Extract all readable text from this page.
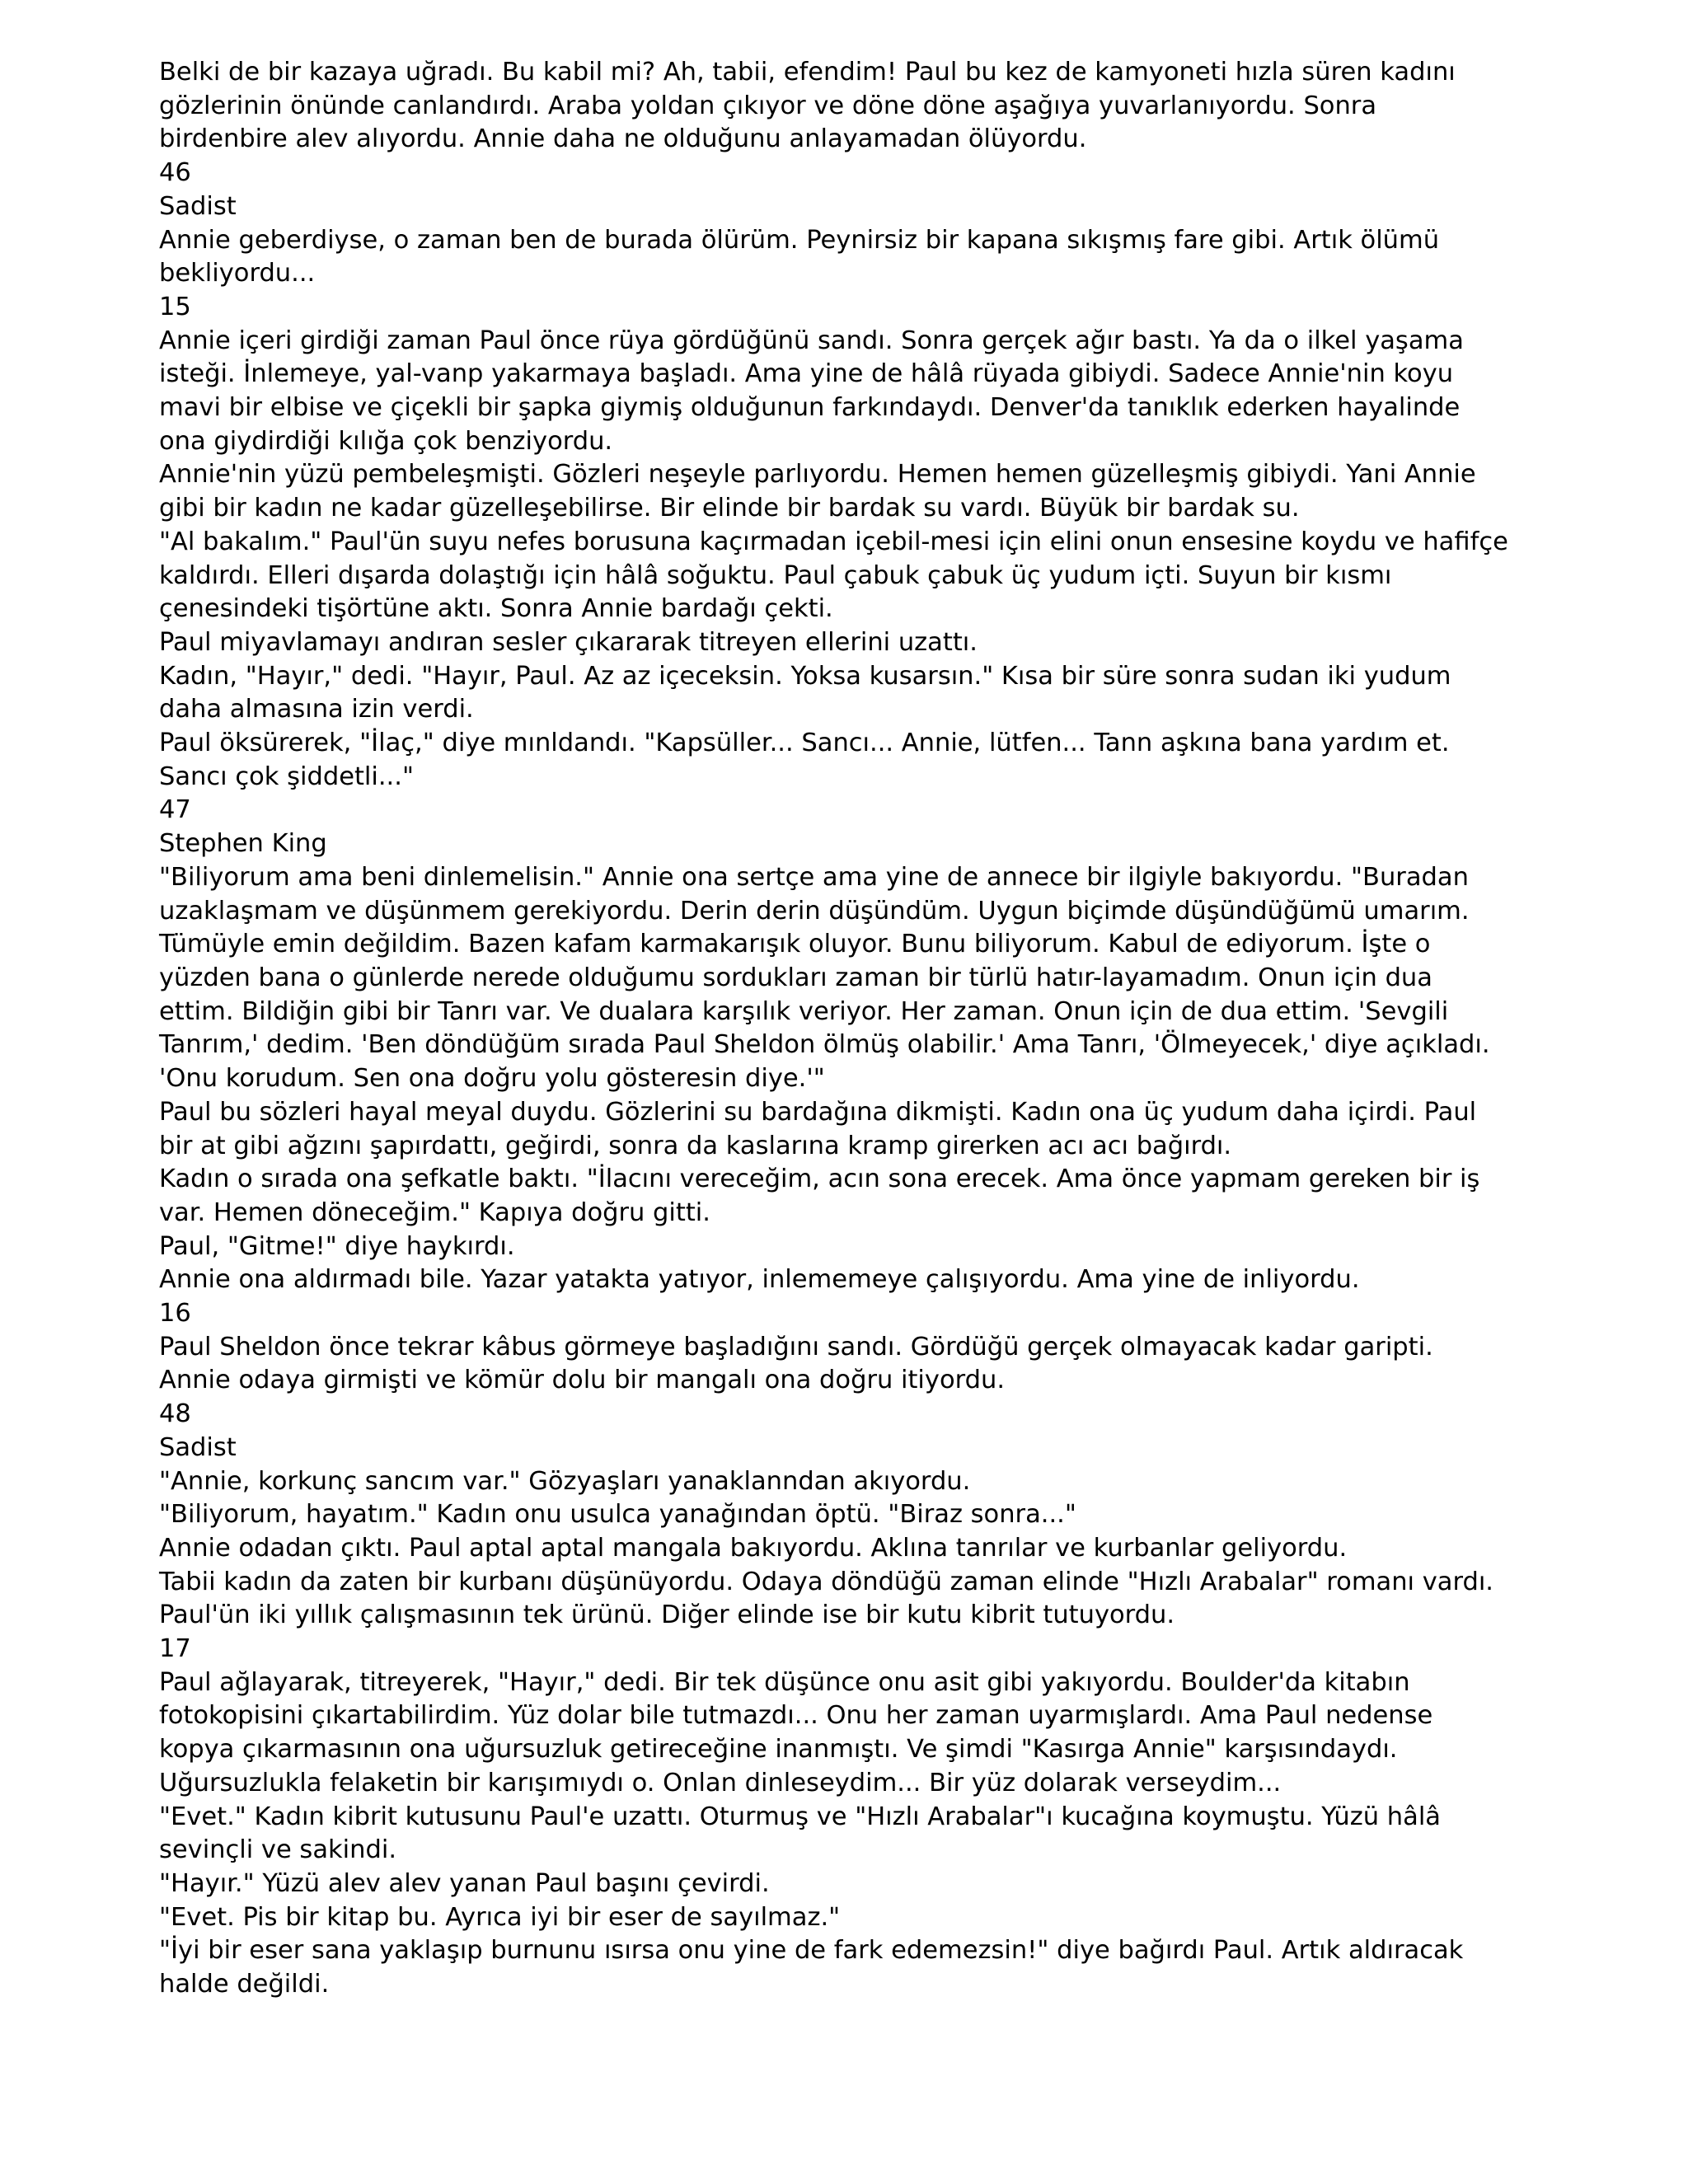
Belki de bir kazaya uğradı. Bu kabil mi? Ah, tabii, efendim! Paul bu kez de kamyoneti hızla süren kadını gözlerinin önünde canlandırdı. Araba yoldan çıkıyor ve döne döne aşağıya yuvarlanıyordu. Sonra birdenbire alev alıyordu. Annie daha ne olduğunu anlayamadan ölüyordu.

46

Sadist

Annie geberdiyse, o zaman ben de burada ölürüm. Peynirsiz bir kapana sıkışmış fare gibi. Artık ölümü bekliyordu...

15

Annie içeri girdiği zaman Paul önce rüya gördüğünü sandı. Sonra gerçek ağır bastı. Ya da o ilkel yaşama isteği. İnlemeye, yal-vanp yakarmaya başladı. Ama yine de hâlâ rüyada gibiydi. Sadece Annie'nin koyu mavi bir elbise ve çiçekli bir şapka giymiş olduğunun farkındaydı. Denver'da tanıklık ederken hayalinde ona giydirdiği kılığa çok benziyordu.

Annie'nin yüzü pembeleşmişti. Gözleri neşeyle parlıyordu. Hemen hemen güzelleşmiş gibiydi. Yani Annie gibi bir kadın ne kadar güzelleşebilirse. Bir elinde bir bardak su vardı. Büyük bir bardak su.

"Al bakalım." Paul'ün suyu nefes borusuna kaçırmadan içebil-mesi için elini onun ensesine koydu ve hafifçe kaldırdı. Elleri dışarda dolaştığı için hâlâ soğuktu. Paul çabuk çabuk üç yudum içti. Suyun bir kısmı çenesindeki tişörtüne aktı. Sonra Annie bardağı çekti.

Paul miyavlamayı andıran sesler çıkararak titreyen ellerini uzattı.

Kadın, "Hayır," dedi. "Hayır, Paul. Az az içeceksin. Yoksa kusarsın." Kısa bir süre sonra sudan iki yudum daha almasına izin verdi.

Paul öksürerek, "İlaç," diye mınldandı. "Kapsüller... Sancı... Annie, lütfen... Tann aşkına bana yardım et. Sancı çok şiddetli..."

47

Stephen King

"Biliyorum ama beni dinlemelisin." Annie ona sertçe ama yine de annece bir ilgiyle bakıyordu. "Buradan uzaklaşmam ve düşünmem gerekiyordu. Derin derin düşündüm. Uygun biçimde düşündüğümü umarım. Tümüyle emin değildim. Bazen kafam karmakarışık oluyor. Bunu biliyorum. Kabul de ediyorum. İşte o yüzden bana o günlerde nerede olduğumu sordukları zaman bir türlü hatır-layamadım. Onun için dua ettim. Bildiğin gibi bir Tanrı var. Ve dualara karşılık veriyor. Her zaman. Onun için de dua ettim. 'Sevgili Tanrım,' dedim. 'Ben döndüğüm sırada Paul Sheldon ölmüş olabilir.' Ama Tanrı, 'Ölmeyecek,' diye açıkladı. 'Onu korudum. Sen ona doğru yolu gösteresin diye.'"

Paul bu sözleri hayal meyal duydu. Gözlerini su bardağına dikmişti. Kadın ona üç yudum daha içirdi. Paul bir at gibi ağzını şapırdattı, geğirdi, sonra da kaslarına kramp girerken acı acı bağırdı.

Kadın o sırada ona şefkatle baktı. "İlacını vereceğim, acın sona erecek. Ama önce yapmam gereken bir iş var. Hemen döneceğim." Kapıya doğru gitti.

Paul, "Gitme!" diye haykırdı.

Annie ona aldırmadı bile. Yazar yatakta yatıyor, inlememeye çalışıyordu. Ama yine de inliyordu.

16

Paul Sheldon önce tekrar kâbus görmeye başladığını sandı. Gördüğü gerçek olmayacak kadar garipti. Annie odaya girmişti ve kömür dolu bir mangalı ona doğru itiyordu.

48

Sadist

"Annie, korkunç sancım var." Gözyaşları yanaklanndan akıyordu.

"Biliyorum, hayatım." Kadın onu usulca yanağından öptü. "Biraz sonra..."

Annie odadan çıktı. Paul aptal aptal mangala bakıyordu. Aklına tanrılar ve kurbanlar geliyordu.

Tabii kadın da zaten bir kurbanı düşünüyordu. Odaya döndüğü zaman elinde "Hızlı Arabalar" romanı vardı. Paul'ün iki yıllık çalışmasının tek ürünü. Diğer elinde ise bir kutu kibrit tutuyordu.

17

Paul ağlayarak, titreyerek, "Hayır," dedi. Bir tek düşünce onu asit gibi yakıyordu. Boulder'da kitabın fotokopisini çıkartabilirdim. Yüz dolar bile tutmazdı... Onu her zaman uyarmışlardı. Ama Paul nedense kopya çıkarmasının ona uğursuzluk getireceğine inanmıştı. Ve şimdi "Kasırga Annie" karşısındaydı. Uğursuzlukla felaketin bir karışımıydı o. Onlan dinleseydim... Bir yüz dolarak verseydim...

"Evet." Kadın kibrit kutusunu Paul'e uzattı. Oturmuş ve "Hızlı Arabalar"ı kucağına koymuştu. Yüzü hâlâ sevinçli ve sakindi.

"Hayır." Yüzü alev alev yanan Paul başını çevirdi.

"Evet. Pis bir kitap bu. Ayrıca iyi bir eser de sayılmaz."

"İyi bir eser sana yaklaşıp burnunu ısırsa onu yine de fark edemezsin!" diye bağırdı Paul. Artık aldıracak halde değildi.
